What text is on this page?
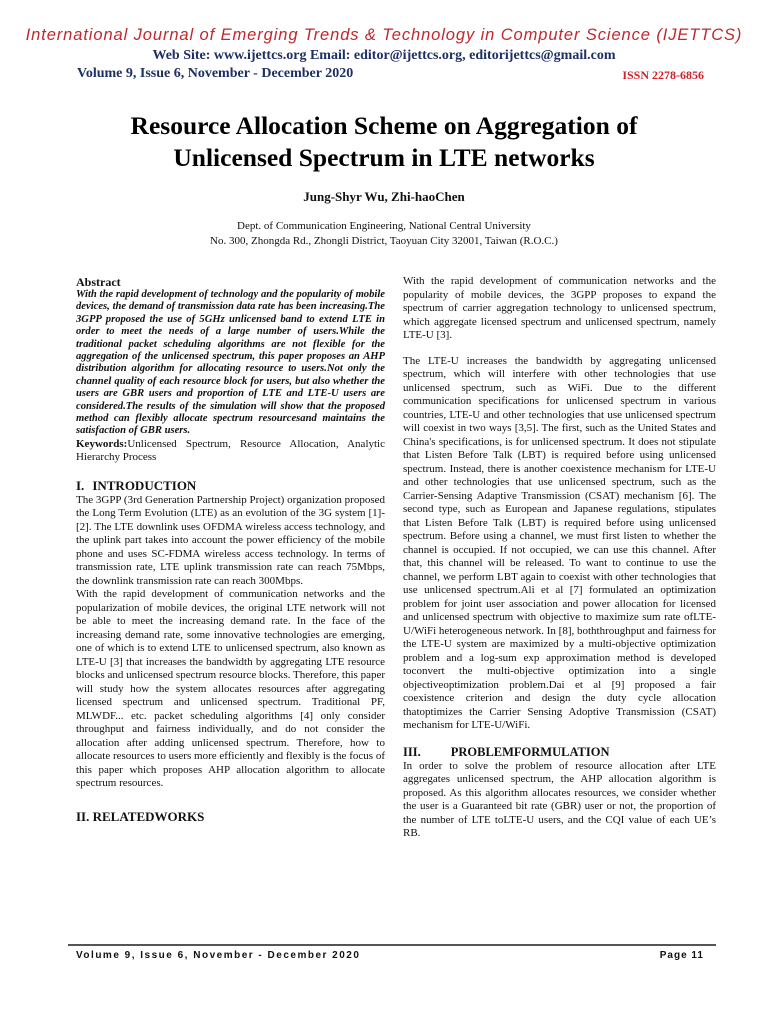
International Journal of Emerging Trends & Technology in Computer Science (IJETTCS)
Web Site: www.ijettcs.org Email: editor@ijettcs.org, editorijettcs@gmail.com
Volume 9, Issue 6, November - December 2020	ISSN 2278-6856
Resource Allocation Scheme on Aggregation of
Unlicensed Spectrum in LTE networks
Jung-Shyr Wu, Zhi-haoChen
Dept. of Communication Engineering, National Central University
No. 300, Zhongda Rd., Zhongli District, Taoyuan City 32001, Taiwan (R.O.C.)
Abstract

With the rapid development of technology and the popularity of mobile devices, the demand of transmission data rate has been increasing.The 3GPP proposed the use of 5GHz unlicensed band to extend LTE in order to meet the needs of a large number of users.While the traditional packet scheduling algorithms are not flexible for the aggregation of the unlicensed spectrum, this paper proposes an AHP distribution algorithm for allocating resource to users.Not only the channel quality of each resource block for users, but also whether the users are GBR users and proportion of LTE and LTE-U users are considered.The results of the simulation will show that the proposed method can flexibly allocate spectrum resourcesand maintains the satisfaction of GBR users.

Keywords:Unlicensed Spectrum, Resource Allocation, Analytic Hierarchy Process

I. INTRODUCTION

The 3GPP (3rd Generation Partnership Project) organization proposed the Long Term Evolution (LTE) as an evolution of the 3G system [1]-[2]. The LTE downlink uses OFDMA wireless access technology, and the uplink part takes into account the power efficiency of the mobile phone and uses SC-FDMA wireless access technology. In terms of transmission rate, LTE uplink transmission rate can reach 75Mbps, the downlink transmission rate can reach 300Mbps.

With the rapid development of communication networks and the popularization of mobile devices, the original LTE network will not be able to meet the increasing demand rate. In the face of the increasing demand rate, some innovative technologies are emerging, one of which is to extend LTE to unlicensed spectrum, also known as LTE-U [3] that increases the bandwidth by aggregating LTE resource blocks and unlicensed spectrum resource blocks. Therefore, this paper will study how the system allocates resources after aggregating licensed spectrum and unlicensed spectrum. Traditional PF, MLWDF... etc. packet scheduling algorithms [4] only consider throughput and fairness individually, and do not consider the allocation after adding unlicensed spectrum. Therefore, how to allocate resources to users more efficiently and flexibly is the focus of this paper which proposes AHP allocation algorithm to allocate spectrum resources.

II. RELATEDWORKS

With the rapid development of communication networks and the popularity of mobile devices, the 3GPP proposes to expand the spectrum of carrier aggregation technology to unlicensed spectrum, which aggregate licensed spectrum and unlicensed spectrum, namely LTE-U [3].

The LTE-U increases the bandwidth by aggregating unlicensed spectrum, which will interfere with other technologies that use unlicensed spectrum, such as WiFi. Due to the different communication specifications for unlicensed spectrum in various countries, LTE-U and other technologies that use unlicensed spectrum will coexist in two ways [3,5]. The first, such as the United States and China's specifications, is for unlicensed spectrum. It does not stipulate that Listen Before Talk (LBT) is required before using unlicensed spectrum. Instead, there is another coexistence mechanism for LTE-U and other technologies that use unlicensed spectrum, such as the Carrier-Sensing Adaptive Transmission (CSAT) mechanism [6]. The second type, such as European and Japanese regulations, stipulates that Listen Before Talk (LBT) is required before using unlicensed spectrum. Before using a channel, we must first listen to whether the channel is occupied. If not occupied, we can use this channel. After that, this channel will be released. To want to continue to use the channel, we perform LBT again to coexist with other technologies that use unlicensed spectrum.Ali et al [7] formulated an optimization problem for joint user association and power allocation for licensed and unlicensed spectrum with objective to maximize sum rate ofLTE-U/WiFi heterogeneous network. In [8], boththroughput and fairness for the LTE-U system are maximized by a multi-objective optimization problem and a log-sum exp approximation method is developed toconvert the multi-objective optimization into a single objectiveoptimization problem.Dai et al [9] proposed a fair coexistence criterion and design the duty cycle allocation thatoptimizes the Carrier Sensing Adoptive Transmission (CSAT) mechanism for LTE-U/WiFi.

III. PROBLEMFORMULATION

In order to solve the problem of resource allocation after LTE aggregates unlicensed spectrum, the AHP allocation algorithm is proposed. As this algorithm allocates resources, we consider whether the user is a Guaranteed bit rate (GBR) user or not, the proportion of the number of LTE toLTE-U users, and the CQI value of each UE’s RB.

Volume 9, Issue 6, November - December 2020	Page 11
